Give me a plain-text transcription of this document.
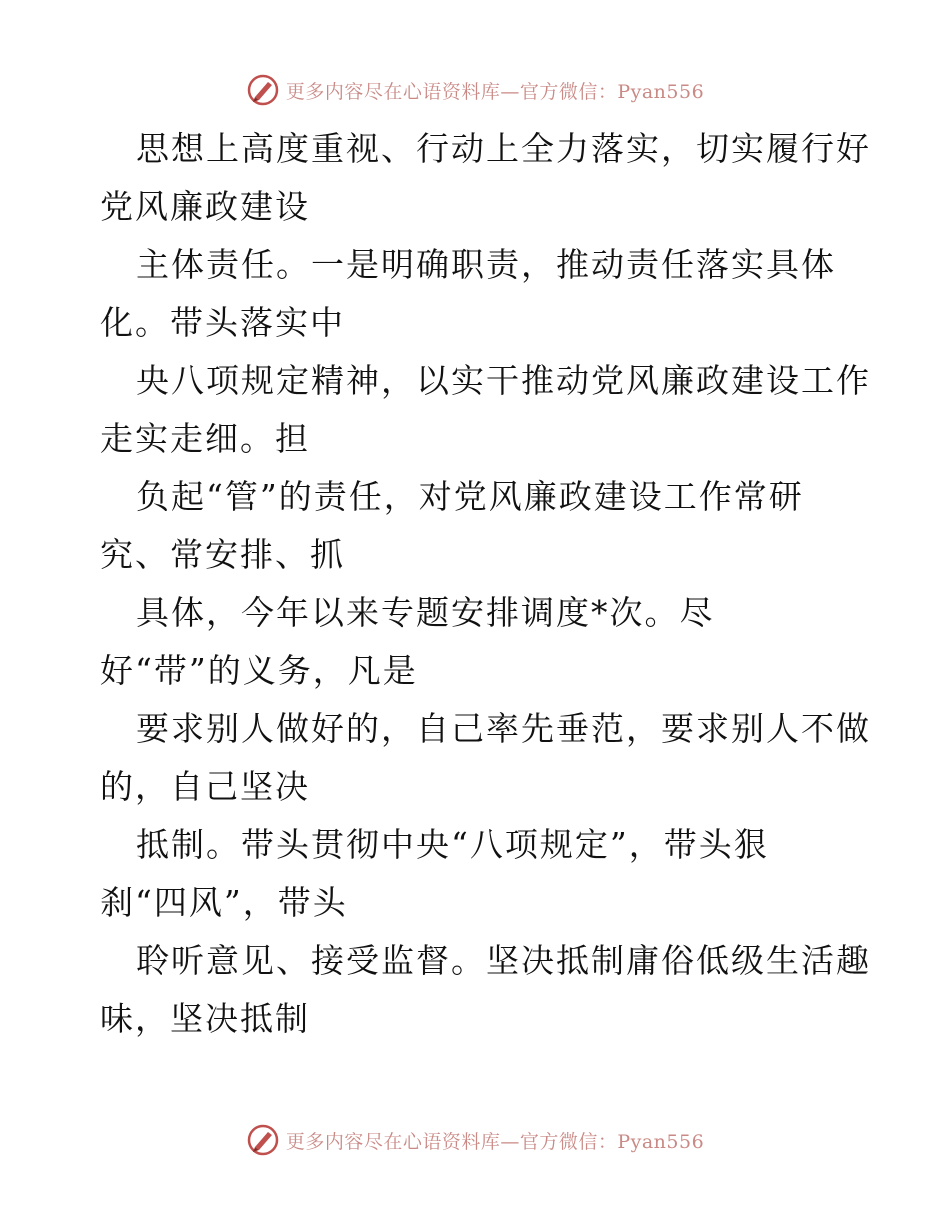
更多内容尽在心语资料库—官方微信：Pyan556

思想上高度重视、行动上全力落实，切实履行好

党风廉政建设

主体责任。一是明确职责，推动责任落实具体

化。带头落实中

央八项规定精神，以实干推动党风廉政建设工作

走实走细。担

负起“管”的责任，对党风廉政建设工作常研

究、常安排、抓

具体，今年以来专题安排调度*次。尽

好“带”的义务，凡是

要求别人做好的，自己率先垂范，要求别人不做

的，自己坚决

抵制。带头贯彻中央“八项规定”，带头狠

刹“四风”，带头

聆听意见、接受监督。坚决抵制庸俗低级生活趣

味，坚决抵制

更多内容尽在心语资料库—官方微信：Pyan556
